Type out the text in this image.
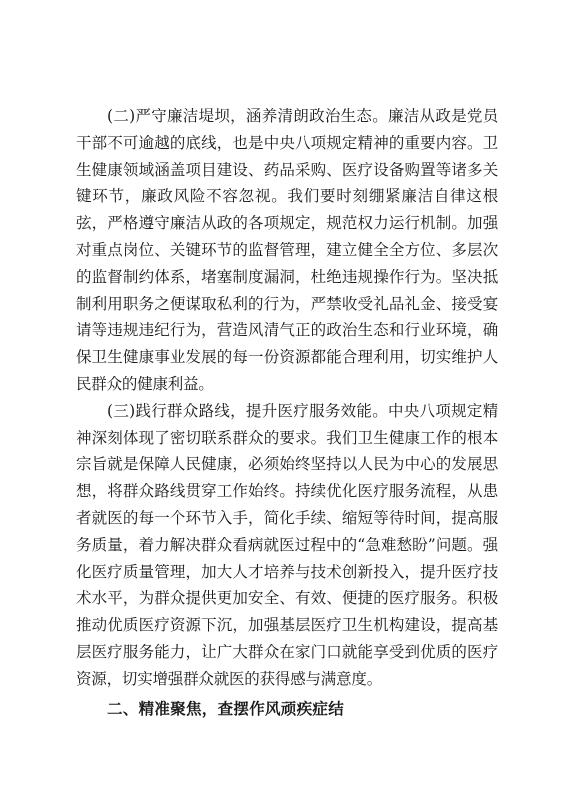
(二)严守廉洁堤坝，涵养清朗政治生态。廉洁从政是党员干部不可逾越的底线，也是中央八项规定精神的重要内容。卫生健康领域涵盖项目建设、药品采购、医疗设备购置等诸多关键环节，廉政风险不容忽视。我们要时刻绷紧廉洁自律这根弦，严格遵守廉洁从政的各项规定，规范权力运行机制。加强对重点岗位、关键环节的监督管理，建立健全全方位、多层次的监督制约体系，堵塞制度漏洞，杜绝违规操作行为。坚决抵制利用职务之便谋取私利的行为，严禁收受礼品礼金、接受宴请等违规违纪行为，营造风清气正的政治生态和行业环境，确保卫生健康事业发展的每一份资源都能合理利用，切实维护人民群众的健康利益。

(三)践行群众路线，提升医疗服务效能。中央八项规定精神深刻体现了密切联系群众的要求。我们卫生健康工作的根本宗旨就是保障人民健康，必须始终坚持以人民为中心的发展思想，将群众路线贯穿工作始终。持续优化医疗服务流程，从患者就医的每一个环节入手，简化手续、缩短等待时间，提高服务质量，着力解决群众看病就医过程中的“急难愁盼”问题。强化医疗质量管理，加大人才培养与技术创新投入，提升医疗技术水平，为群众提供更加安全、有效、便捷的医疗服务。积极推动优质医疗资源下沉，加强基层医疗卫生机构建设，提高基层医疗服务能力，让广大群众在家门口就能享受到优质的医疗资源，切实增强群众就医的获得感与满意度。

二、精准聚焦，查摆作风顽疾症结
